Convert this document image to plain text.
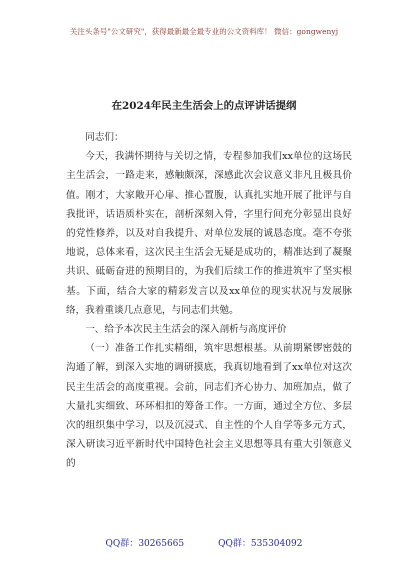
关注头条号"公文研究"，获得最新最全最专业的公文资料库！ 微信：gongwenyj
在2024年民主生活会上的点评讲话提纲

同志们：

今天，我满怀期待与关切之情，专程参加我们xx单位的这场民主生活会，一路走来，感触颇深，深感此次会议意义非凡且极具价值。刚才，大家敞开心扉、推心置腹，认真扎实地开展了批评与自我批评，话语质朴实在，剖析深刻入骨，字里行间充分彰显出良好的党性修养，以及对自我提升、对单位发展的诚恳态度。毫不夸张地说，总体来看，这次民主生活会无疑是成功的，精准达到了凝聚共识、砥砺奋进的预期目的，为我们后续工作的推进筑牢了坚实根基。下面，结合大家的精彩发言以及xx单位的现实状况与发展脉络，我着重谈几点意见，与同志们共勉。

一、给予本次民主生活会的深入剖析与高度评价

（一）准备工作扎实精细，筑牢思想根基。从前期紧锣密鼓的沟通了解，到深入实地的调研摸底，我真切地看到了xx单位对这次民主生活会的高度重视。会前，同志们齐心协力、加班加点，做了大量扎实细致、环环相扣的筹备工作。一方面，通过全方位、多层次的组织集中学习，以及沉浸式、自主性的个人自学等多元方式，深入研读习近平新时代中国特色社会主义思想等具有重大引领意义的

QQ群：30265665	QQ群：535304092
